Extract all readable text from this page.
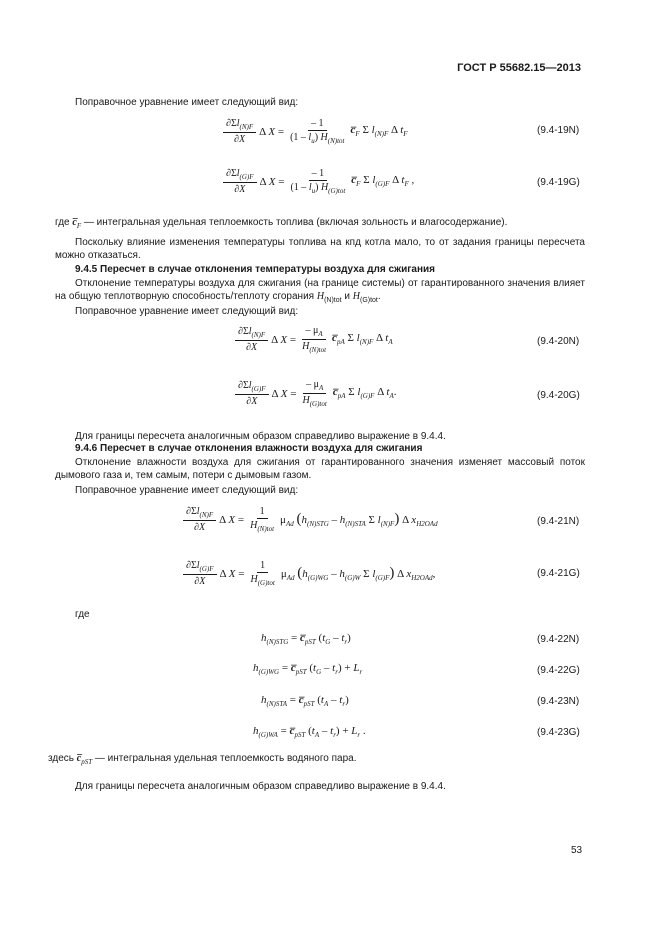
ГОСТ Р 55682.15—2013
Поправочное уравнение имеет следующий вид:
$\frac{\partial\Sigma l_{(N)F}}{\partial X}$ Δ $X = \frac{- 1}{(1 - l_u) H_{(N)tot}}$ $c̅_F$ Σ $l_{(N)F}$ Δ $t_F$	(9.4-19N)
$\frac{\partial\Sigma l_{(G)F}}{\partial X}$ Δ $X = \frac{- 1}{(1 - l_u) H_{(G)tot}}$ $c̅_F$ Σ $l_{(G)F}$ Δ $t_F$ ,	(9.4-19G)
где $c̅_F$ — интегральная удельная теплоемкость топлива (включая зольность и влагосодержание).
Поскольку влияние изменения температуры топлива на кпд котла мало, то от задания границы пересчета можно отказаться.
9.4.5 Пересчет в случае отклонения температуры воздуха для сжигания
Отклонение температуры воздуха для сжигания (на границе системы) от гарантированного значения влияет на общую теплотворную способность/теплоту сгорания $H_{(N)tot}$ и $H_{(G)tot}$.
Поправочное уравнение имеет следующий вид:
$\frac{\partial\Sigma l_{(N)F}}{\partial X}$ Δ $X = \frac{- \mu_A}{H_{(N)tot}}$ $c̅_{pA}$ Σ $l_{(N)F}$ Δ $t_A$	(9.4-20N)
$\frac{\partial\Sigma l_{(G)F}}{\partial X}$ Δ $X = \frac{- \mu_A}{H_{(G)tot}}$ $c̅_{pA}$ Σ $l_{(G)F}$ Δ $t_A$.	(9.4-20G)
Для границы пересчета аналогичным образом справедливо выражение в 9.4.4.
9.4.6 Пересчет в случае отклонения влажности воздуха для сжигания
Отклонение влажности воздуха для сжигания от гарантированного значения изменяет массовый поток дымового газа и, тем самым, потери с дымовым газом.
Поправочное уравнение имеет следующий вид:
$\frac{\partial\Sigma l_{(N)F}}{\partial X}$ Δ $X = \frac{1}{H_{(N)tot}} \mu_{Ad}$ ($h_{(N)STG} - h_{(N)STA}$ Σ $l_{(N)F}$) Δ $x_{H2OAd}$	(9.4-21N)
$\frac{\partial\Sigma l_{(G)F}}{\partial X}$ Δ $X = \frac{1}{H_{(G)tot}} \mu_{Ad}$ ($h_{(G)WG} - h_{(G)W}$ Σ $l_{(G)F}$) Δ $x_{H2OAd}$,	(9.4-21G)
где
$h_{(N)STG}$ = $c̅_{pST}$ $(t_G - t_r)$	(9.4-22N)
$h_{(G)WG}$ = $c̅_{pST}$ $(t_G - t_r) + L_r$	(9.4-22G)
$h_{(N)STA}$ = $c̅_{pST}$ $(t_A - t_r)$	(9.4-23N)
$h_{(G)WA}$ = $c̅_{pST}$ $(t_A - t_r) + L_r$ .	(9.4-23G)
здесь $c̅_{pST}$ — интегральная удельная теплоемкость водяного пара.
Для границы пересчета аналогичным образом справедливо выражение в 9.4.4.
53
